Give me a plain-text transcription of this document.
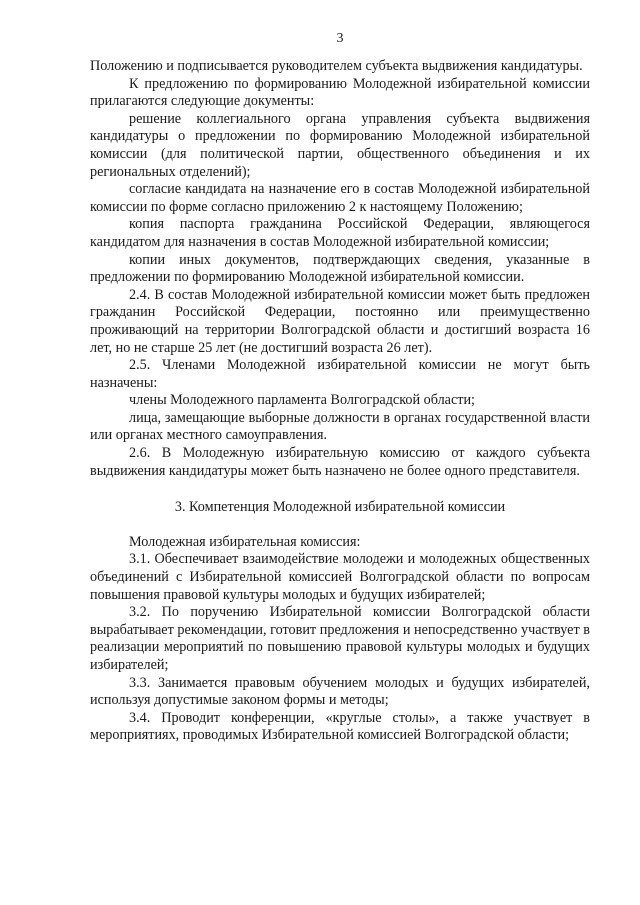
3

Положению и подписывается руководителем субъекта выдвижения кандидатуры.

К предложению по формированию Молодежной избирательной комиссии прилагаются следующие документы:

решение коллегиального органа управления субъекта выдвижения кандидатуры о предложении по формированию Молодежной избирательной комиссии (для политической партии, общественного объединения и их региональных отделений);

согласие кандидата на назначение его в состав Молодежной избирательной комиссии по форме согласно приложению 2 к настоящему Положению;

копия паспорта гражданина Российской Федерации, являющегося кандидатом для назначения в состав Молодежной избирательной комиссии;

копии иных документов, подтверждающих сведения, указанные в предложении по формированию Молодежной избирательной комиссии.

2.4. В состав Молодежной избирательной комиссии может быть предложен гражданин Российской Федерации, постоянно или преимущественно проживающий на территории Волгоградской области и достигший возраста 16 лет, но не старше 25 лет (не достигший возраста 26 лет).

2.5. Членами Молодежной избирательной комиссии не могут быть назначены:

члены Молодежного парламента Волгоградской области;

лица, замещающие выборные должности в органах государственной власти или органах местного самоуправления.

2.6. В Молодежную избирательную комиссию от каждого субъекта выдвижения кандидатуры может быть назначено не более одного представителя.

3. Компетенция Молодежной избирательной комиссии

Молодежная избирательная комиссия:

3.1. Обеспечивает взаимодействие молодежи и молодежных общественных объединений с Избирательной комиссией Волгоградской области по вопросам повышения правовой культуры молодых и будущих избирателей;

3.2. По поручению Избирательной комиссии Волгоградской области вырабатывает рекомендации, готовит предложения и непосредственно участвует в реализации мероприятий по повышению правовой культуры молодых и будущих избирателей;

3.3. Занимается правовым обучением молодых и будущих избирателей, используя допустимые законом формы и методы;

3.4. Проводит конференции, «круглые столы», а также участвует в мероприятиях, проводимых Избирательной комиссией Волгоградской области;
